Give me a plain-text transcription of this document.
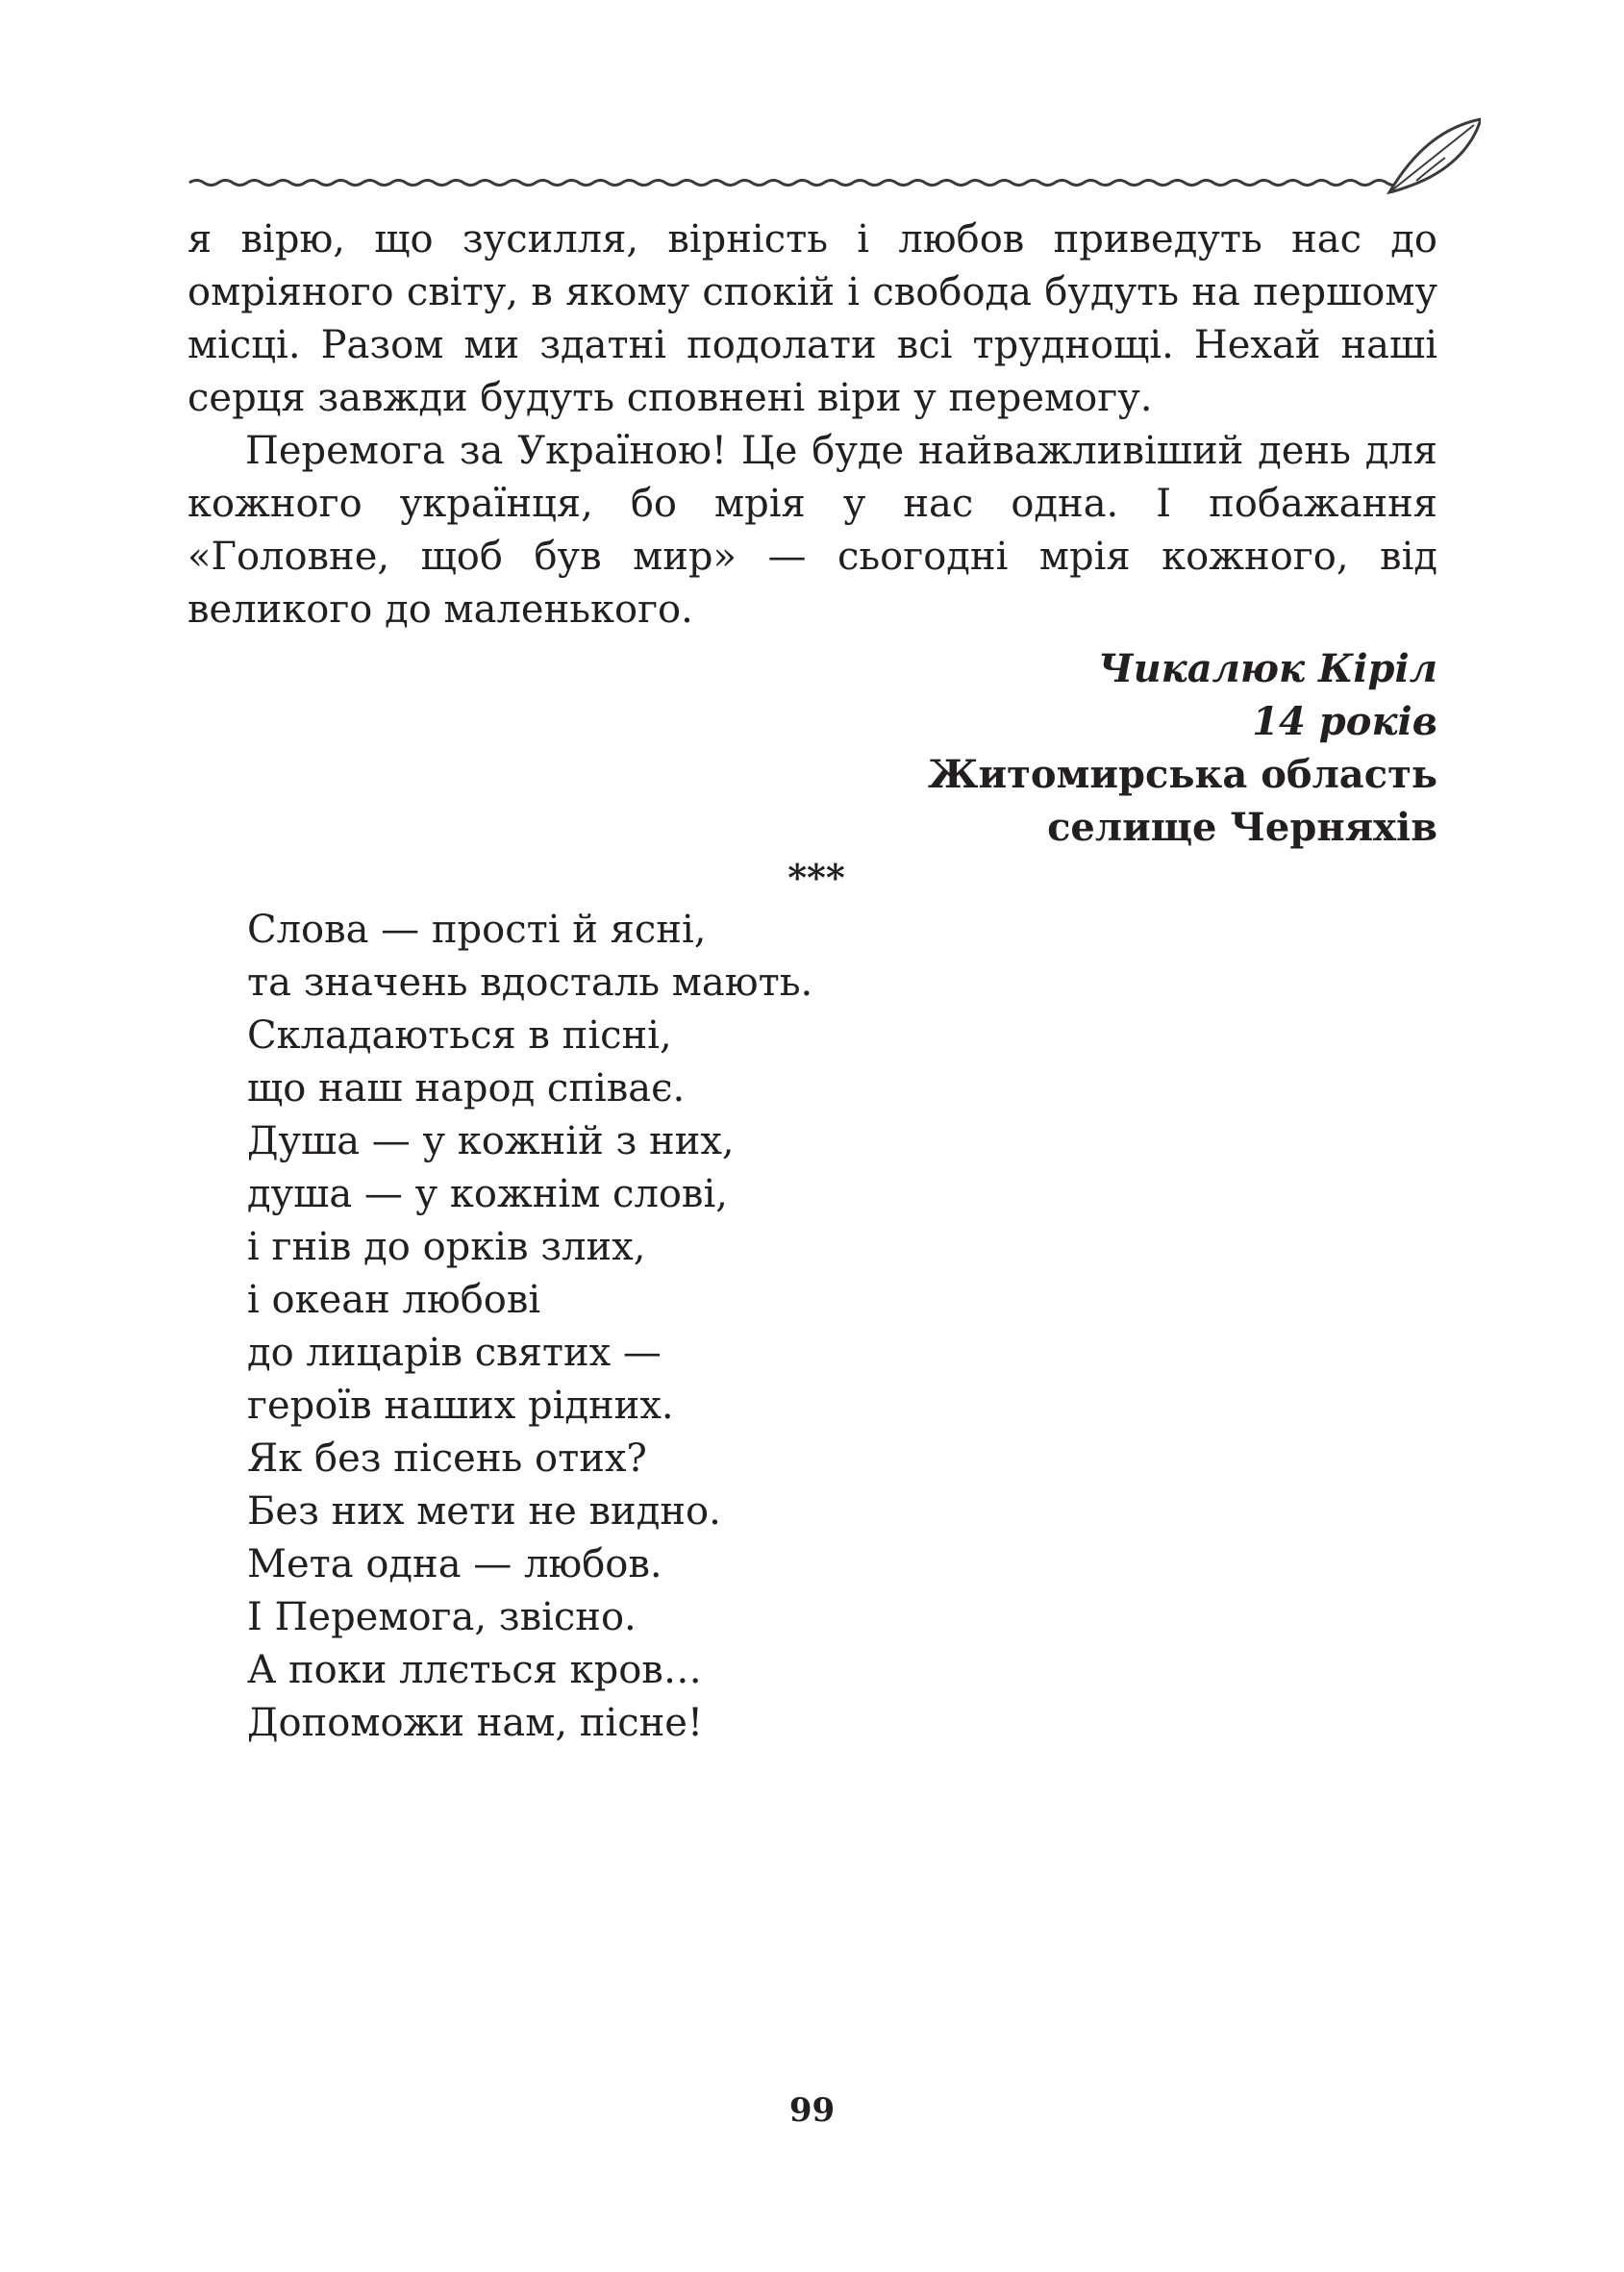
я вірю, що зусилля, вірність і любов приведуть нас до омріяного світу, в якому спокій і свобода будуть на першому місці. Разом ми здатні подолати всі труднощі. Нехай наші серця завжди будуть сповнені віри у перемогу.

Перемога за Україною! Це буде найважливіший день для кожного українця, бо мрія у нас одна. І побажання «Головне, щоб був мир» — сьогодні мрія кожного, від великого до маленького.

Чикалюк Кіріл
14 років
Житомирська область
селище Черняхів
***
Слова — прості й ясні,
та значень вдосталь мають.
Складаються в пісні,
що наш народ співає.
Душа — у кожній з них,
душа — у кожнім слові,
і гнів до орків злих,
і океан любові
до лицарів святих —
героїв наших рідних.
Як без пісень отих?
Без них мети не видно.
Мета одна — любов.
І Перемога, звісно.
А поки ллється кров…
Допоможи нам, пісне!
99
